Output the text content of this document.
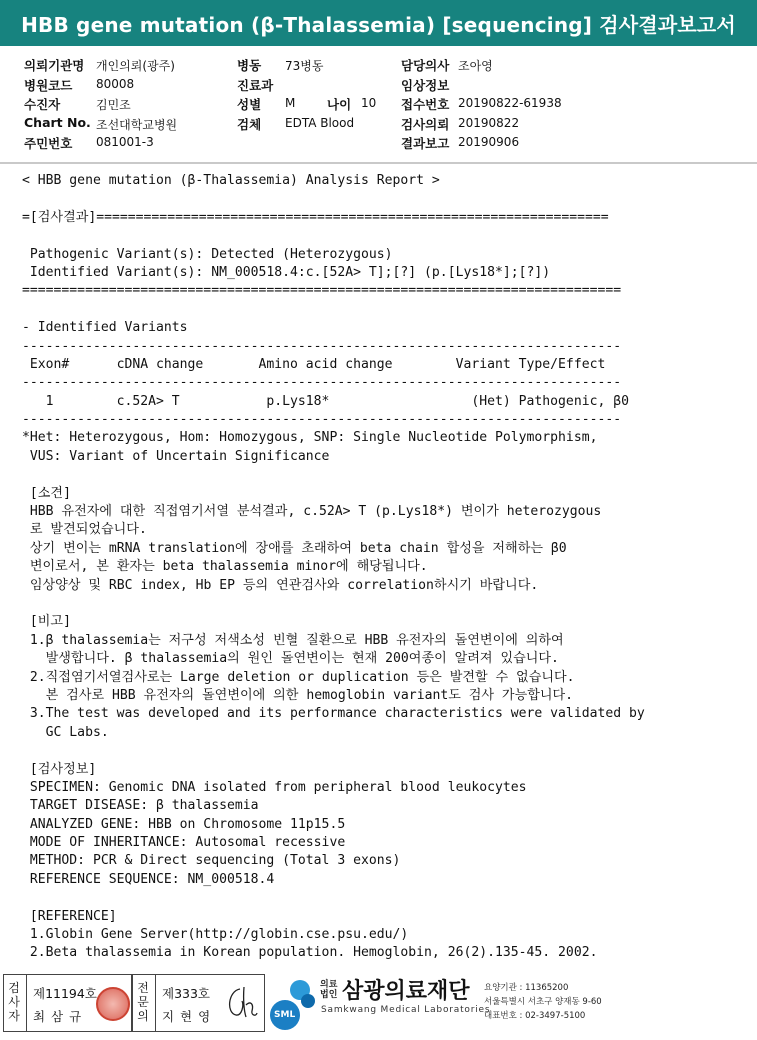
HBB gene mutation (β-Thalassemia) [sequencing] 검사결과보고서
의뢰기관명 개인의뢰(광주)
병원코드 80008
수진자	김민조
Chart No. 조선대학교병원
주민번호 081001-3
병동 73병동
진료과
성별 M	나이 10
검체 EDTA Blood
담당의사 조아영
임상정보
접수번호 20190822-61938
검사의뢰 20190822
결과보고 20190906
< HBB gene mutation (β-Thalassemia) Analysis Report >
=[검사결과]=================================================================
Pathogenic Variant(s): Detected (Heterozygous)
Identified Variant(s): NM_000518.4:c.[52A> T];[?] (p.[Lys18*];[?])
============================================================================
- Identified Variants
----------------------------------------------------------------------------
Exon#      cDNA change       Amino acid change        Variant Type/Effect
----------------------------------------------------------------------------
1        c.52A> T           p.Lys18*                  (Het) Pathogenic, β0
----------------------------------------------------------------------------
*Het: Heterozygous, Hom: Homozygous, SNP: Single Nucleotide Polymorphism,
VUS: Variant of Uncertain Significance
[소견]
HBB 유전자에 대한 직접염기서열 분석결과, c.52A> T (p.Lys18*) 변이가 heterozygous
로 발견되었습니다.
상기 변이는 mRNA translation에 장애를 초래하여 beta chain 합성을 저해하는 β0
변이로서, 본 환자는 beta thalassemia minor에 해당됩니다.
임상양상 및 RBC index, Hb EP 등의 연관검사와 correlation하시기 바랍니다.
[비고]
1.β thalassemia는 저구성 저색소성 빈혈 질환으로 HBB 유전자의 돌연변이에 의하여
발생합니다. β thalassemia의 원인 돌연변이는 현재 200여종이 알려져 있습니다.
2.직접염기서열검사로는 Large deletion or duplication 등은 발견할 수 없습니다.
본 검사로 HBB 유전자의 돌연변이에 의한 hemoglobin variant도 검사 가능합니다.
3.The test was developed and its performance characteristics were validated by
GC Labs.
[검사정보]
SPECIMEN: Genomic DNA isolated from peripheral blood leukocytes
TARGET DISEASE: β thalassemia
ANALYZED GENE: HBB on Chromosome 11p15.5
MODE OF INHERITANCE: Autosomal recessive
METHOD: PCR & Direct sequencing (Total 3 exons)
REFERENCE SEQUENCE: NM_000518.4
[REFERENCE]
1.Globin Gene Server(http://globin.cse.psu.edu/)
2.Beta thalassemia in Korean population. Hemoglobin, 26(2).135-45. 2002.
검
사
자
제11194호
최 삼 규
전
문
의
제333호
지 현 영	SML
의료법인 삼광의료재단
Samkwang Medical Laboratories
요양기관 : 11365200
서울특별시 서초구 양재동 9-60
대표번호 : 02-3497-5100
